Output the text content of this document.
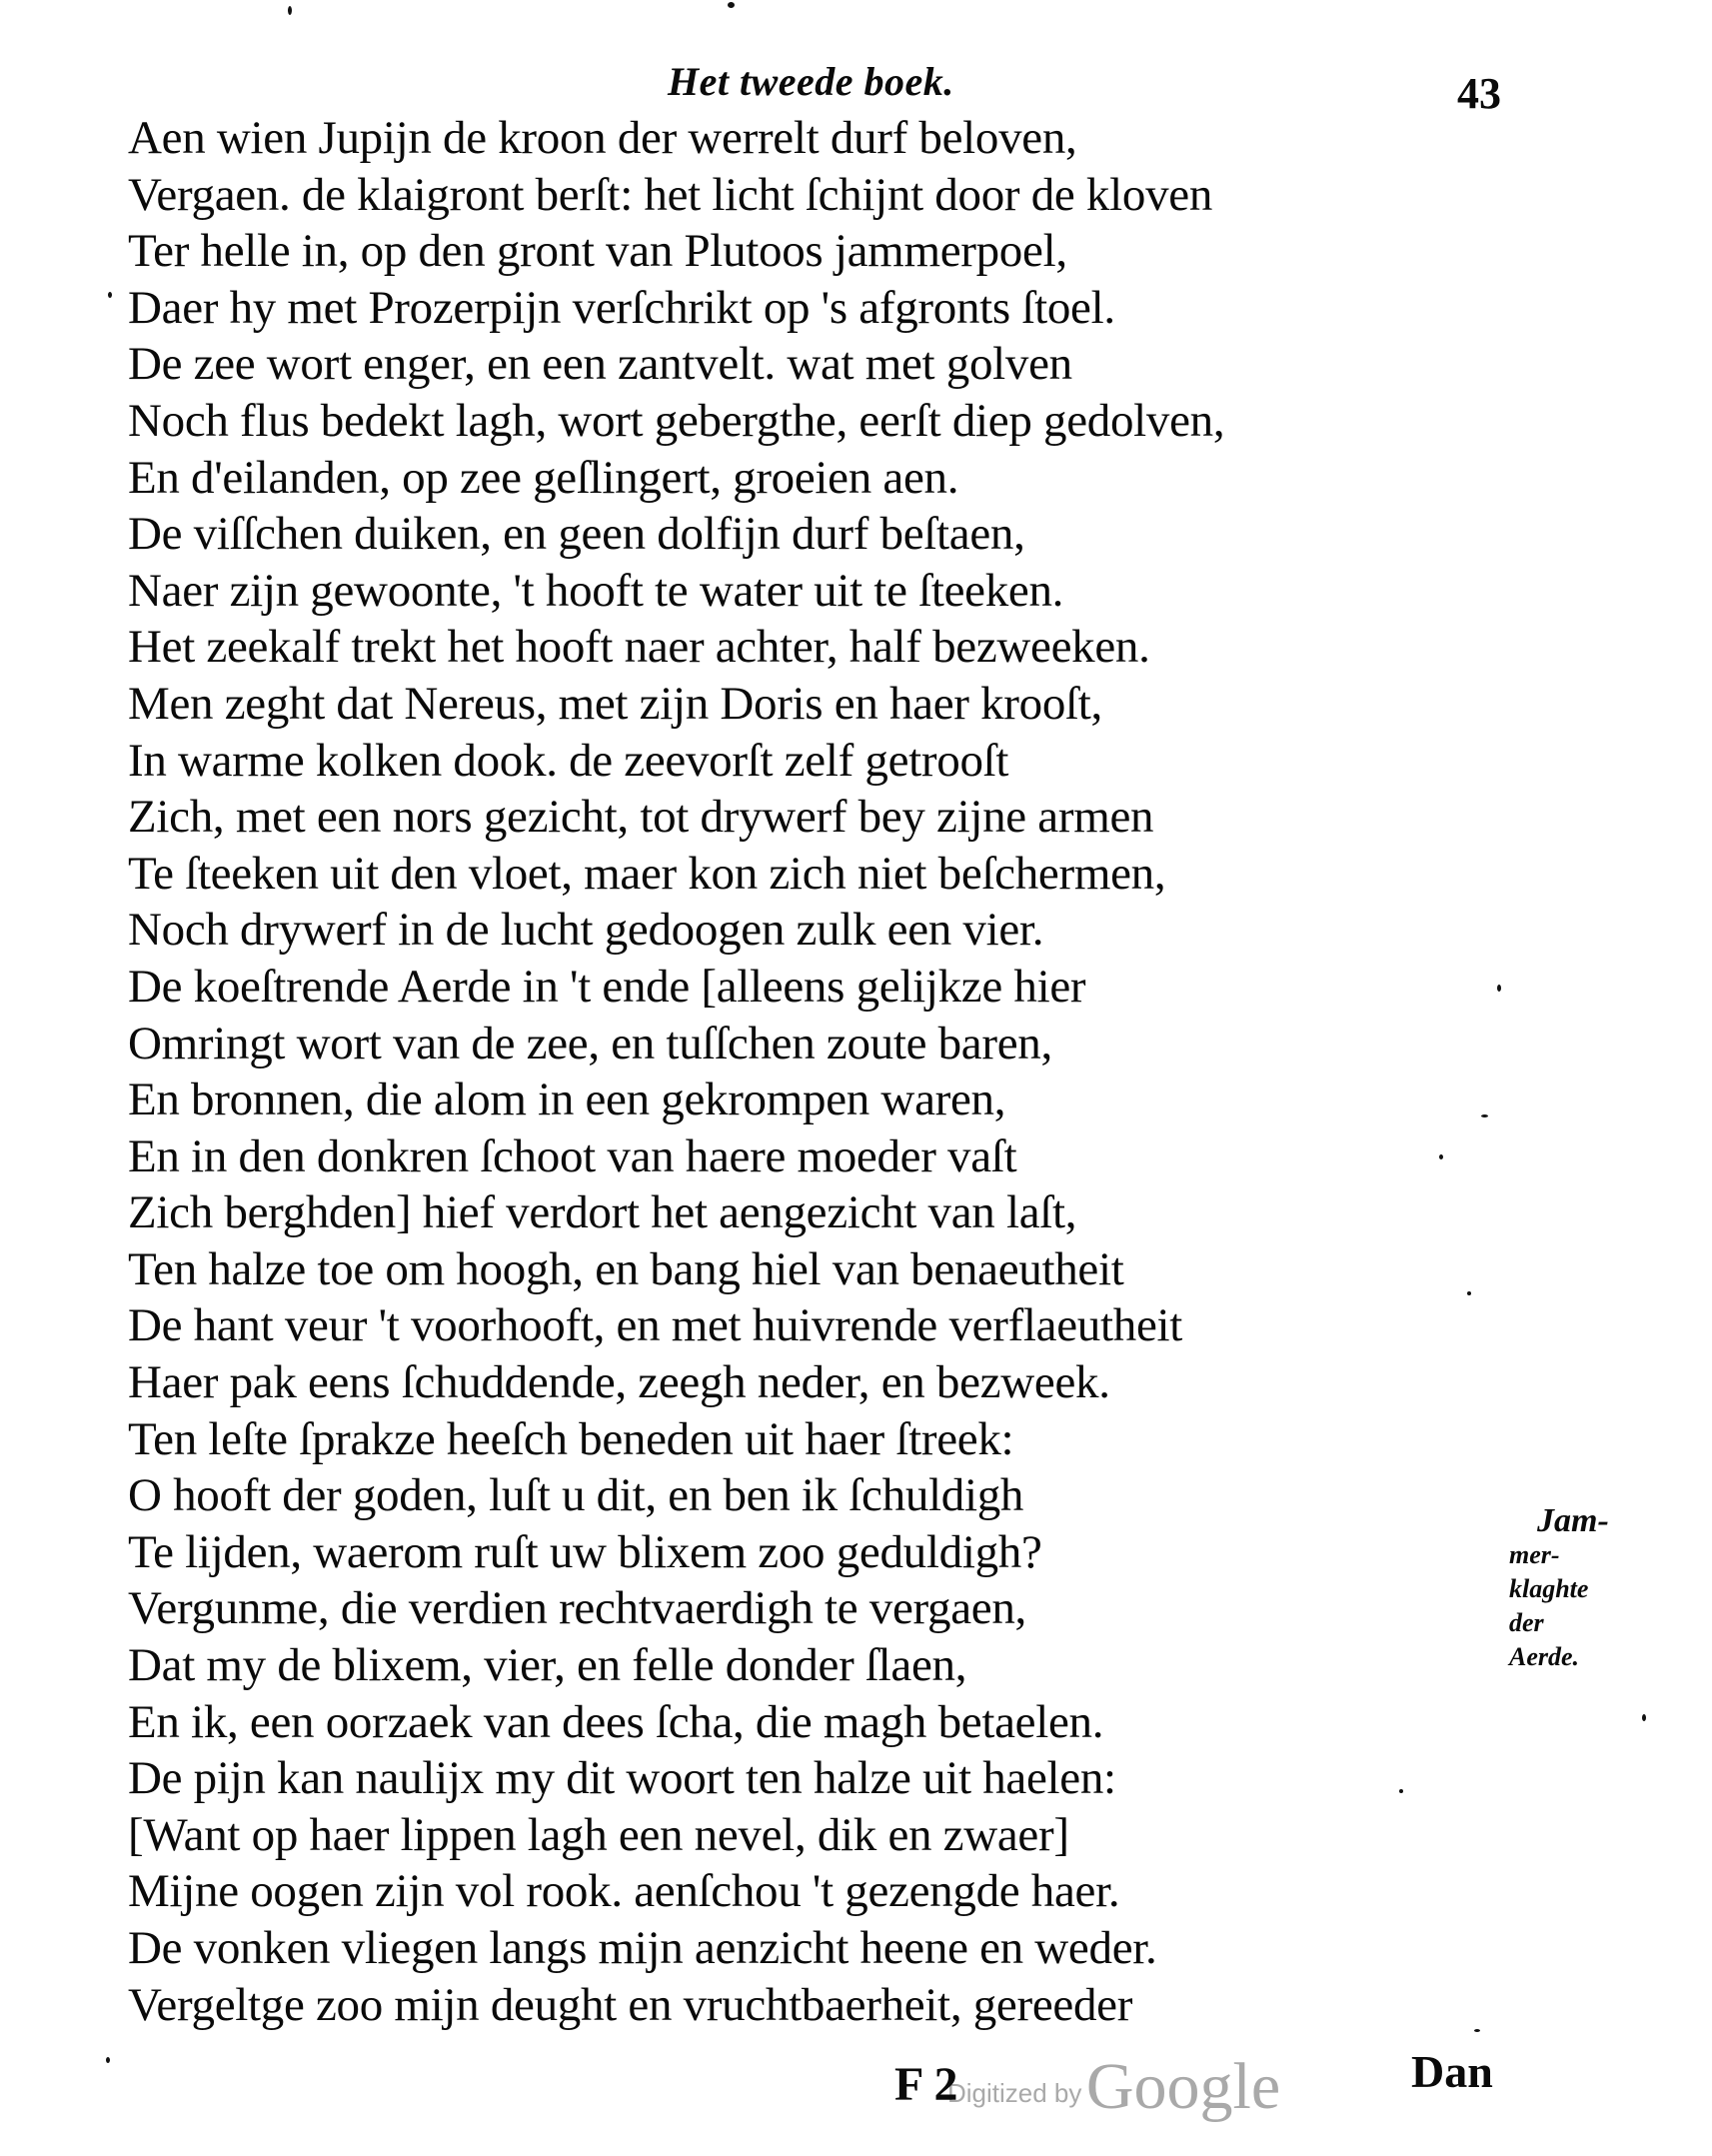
Het tweede boek.	43
Aen wien Jupijn de kroon der werrelt durf beloven,
Vergaen. de klaigront berſt: het licht ſchijnt door de kloven
Ter helle in, op den gront van Plutoos jammerpoel,
Daer hy met Prozerpijn verſchrikt op 's afgronts ſtoel.
De zee wort enger, en een zantvelt. wat met golven
Noch flus bedekt lagh, wort gebergthe, eerſt diep gedolven,
En d'eilanden, op zee geſlingert, groeien aen.
De viſſchen duiken, en geen dolfijn durf beſtaen,
Naer zijn gewoonte, 't hooft te water uit te ſteeken.
Het zeekalf trekt het hooft naer achter, half bezweeken.
Men zeght dat Nereus, met zijn Doris en haer krooſt,
In warme kolken dook. de zeevorſt zelf getrooſt
Zich, met een nors gezicht, tot drywerf bey zijne armen
Te ſteeken uit den vloet, maer kon zich niet beſchermen,
Noch drywerf in de lucht gedoogen zulk een vier.
De koeſtrende Aerde in 't ende [alleens gelijkze hier
Omringt wort van de zee, en tuſſchen zoute baren,
En bronnen, die alom in een gekrompen waren,
En in den donkren ſchoot van haere moeder vaſt
Zich berghden] hief verdort het aengezicht van laſt,
Ten halze toe om hoogh, en bang hiel van benaeutheit
De hant veur 't voorhooft, en met huivrende verflaeutheit
Haer pak eens ſchuddende, zeegh neder, en bezweek.
Ten leſte ſprakze heeſch beneden uit haer ſtreek:
O hooft der goden, luſt u dit, en ben ik ſchuldigh
Te lijden, waerom ruſt uw blixem zoo geduldigh?
Vergunme, die verdien rechtvaerdigh te vergaen,
Dat my de blixem, vier, en felle donder ſlaen,
En ik, een oorzaek van dees ſcha, die magh betaelen.
De pijn kan naulijx my dit woort ten halze uit haelen:
[Want op haer lippen lagh een nevel, dik en zwaer]
Mijne oogen zijn vol rook. aenſchou 't gezengde haer.
De vonken vliegen langs mijn aenzicht heene en weder.
Vergeltge zoo mijn deught en vruchtbaerheit, gereeder
Jam-
mer-
klaghte
der
Aerde.
Digitized by Google
F 2	Dan
